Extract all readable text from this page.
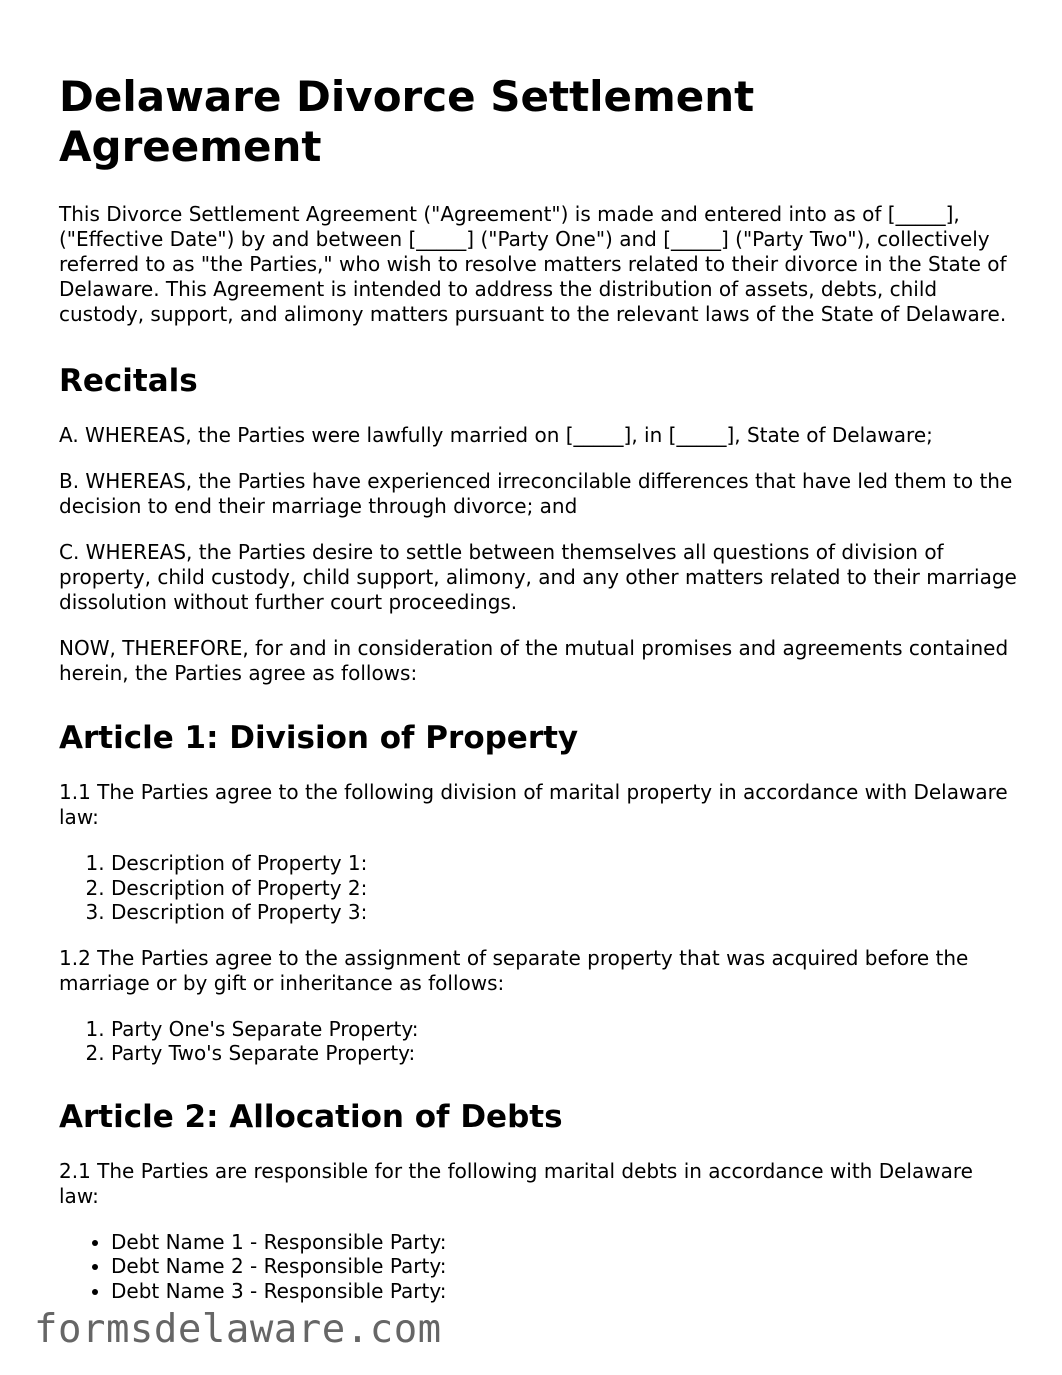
Delaware Divorce Settlement Agreement

This Divorce Settlement Agreement ("Agreement") is made and entered into as of [_____], ("Effective Date") by and between [_____] ("Party One") and [_____] ("Party Two"), collectively referred to as "the Parties," who wish to resolve matters related to their divorce in the State of Delaware. This Agreement is intended to address the distribution of assets, debts, child custody, support, and alimony matters pursuant to the relevant laws of the State of Delaware.

Recitals

A. WHEREAS, the Parties were lawfully married on [_____], in [_____], State of Delaware;

B. WHEREAS, the Parties have experienced irreconcilable differences that have led them to the decision to end their marriage through divorce; and

C. WHEREAS, the Parties desire to settle between themselves all questions of division of property, child custody, child support, alimony, and any other matters related to their marriage dissolution without further court proceedings.

NOW, THEREFORE, for and in consideration of the mutual promises and agreements contained herein, the Parties agree as follows:

Article 1: Division of Property

1.1 The Parties agree to the following division of marital property in accordance with Delaware law:

1. Description of Property 1:
2. Description of Property 2:
3. Description of Property 3:

1.2 The Parties agree to the assignment of separate property that was acquired before the marriage or by gift or inheritance as follows:

1. Party One's Separate Property:
2. Party Two's Separate Property:
Article 2: Allocation of Debts

2.1 The Parties are responsible for the following marital debts in accordance with Delaware law:

• Debt Name 1 - Responsible Party:
• Debt Name 2 - Responsible Party:
• Debt Name 3 - Responsible Party:
formsdelaware.com
